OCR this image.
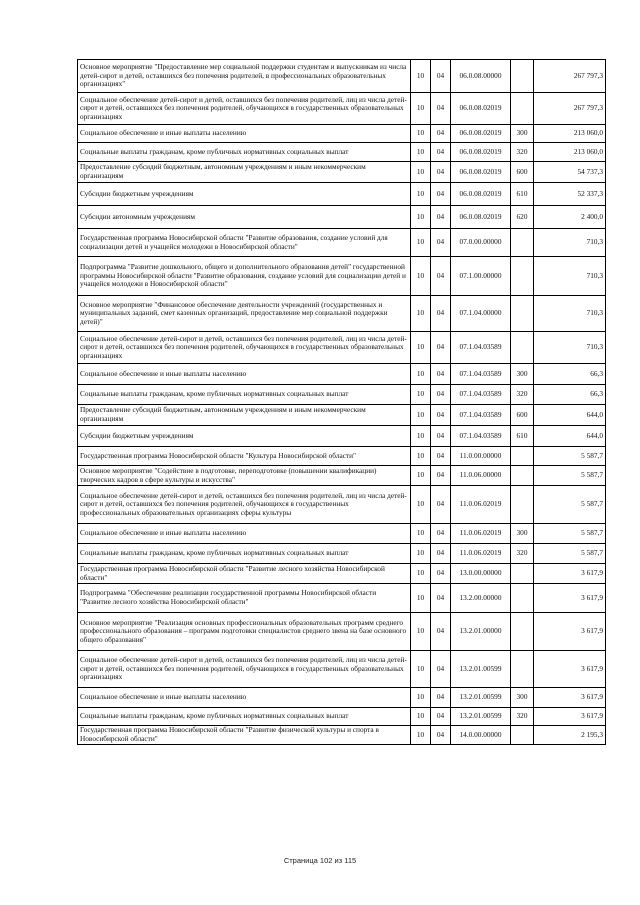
Основное мероприятие "Предоставление мер социальной поддержки студентам и выпускникам из числа детей-сирот и детей, оставшихся без попечения родителей, в профессиональных образовательных организациях"	10	04	06.0.08.00000		267 797,3
Социальное обеспечение детей-сирот и детей, оставшихся без попечения родителей, лиц из числа детей-сирот и детей, оставшихся без попечения родителей, обучающихся в государственных образовательных организациях	10	04	06.0.08.02019		267 797,3
Социальное обеспечение и иные выплаты населению	10	04	06.0.08.02019	300	213 060,0
Социальные выплаты гражданам, кроме публичных нормативных социальных выплат	10	04	06.0.08.02019	320	213 060,0
Предоставление субсидий бюджетным, автономным учреждениям и иным некоммерческим организациям	10	04	06.0.08.02019	600	54 737,3
Субсидии бюджетным учреждениям	10	04	06.0.08.02019	610	52 337,3
Субсидии автономным учреждениям	10	04	06.0.08.02019	620	2 400,0
Государственная программа Новосибирской области "Развитие образования, создание условий для социализации детей и учащейся молодежи в Новосибирской области"	10	04	07.0.00.00000		710,3
Подпрограмма "Развитие дошкольного, общего и дополнительного образования детей" государственной программы Новосибирской области "Развитие образования, создание условий для социализации детей и учащейся молодежи в Новосибирской области"	10	04	07.1.00.00000		710,3
Основное мероприятие "Финансовое обеспечение деятельности учреждений (государственных и муниципальных заданий, смет казенных организаций, предоставление мер социальной поддержки детей)"	10	04	07.1.04.00000		710,3
Социальное обеспечение детей-сирот и детей, оставшихся без попечения родителей, лиц из числа детей-сирот и детей, оставшихся без попечения родителей, обучающихся в государственных образовательных организациях	10	04	07.1.04.03589		710,3
Социальное обеспечение и иные выплаты населению	10	04	07.1.04.03589	300	66,3
Социальные выплаты гражданам, кроме публичных нормативных социальных выплат	10	04	07.1.04.03589	320	66,3
Предоставление субсидий бюджетным, автономным учреждениям и иным некоммерческим организациям	10	04	07.1.04.03589	600	644,0
Субсидии бюджетным учреждениям	10	04	07.1.04.03589	610	644,0
Государственная программа Новосибирской области "Культура Новосибирской области"	10	04	11.0.00.00000		5 587,7
Основное мероприятие "Содействие в подготовке, переподготовке (повышении квалификации) творческих кадров в сфере культуры и искусства"	10	04	11.0.06.00000		5 587,7
Социальное обеспечение детей-сирот и детей, оставшихся без попечения родителей, лиц из числа детей-сирот и детей, оставшихся без попечения родителей, обучающихся в государственных профессиональных образовательных организациях сферы культуры	10	04	11.0.06.02019		5 587,7
Социальное обеспечение и иные выплаты населению	10	04	11.0.06.02019	300	5 587,7
Социальные выплаты гражданам, кроме публичных нормативных социальных выплат	10	04	11.0.06.02019	320	5 587,7
Государственная программа Новосибирской области "Развитие лесного хозяйства Новосибирской области"	10	04	13.0.00.00000		3 617,9
Подпрограмма "Обеспечение реализации государственной программы Новосибирской области "Развитие лесного хозяйства Новосибирской области"	10	04	13.2.00.00000		3 617,9
Основное мероприятие "Реализация основных профессиональных образовательных программ среднего профессионального образования – программ подготовки специалистов среднего звена на базе основного общего образования"	10	04	13.2.01.00000		3 617,9
Социальное обеспечение детей-сирот и детей, оставшихся без попечения родителей, лиц из числа детей-сирот и детей, оставшихся без попечения родителей, обучающихся в государственных образовательных организациях	10	04	13.2.01.00599		3 617,9
Социальное обеспечение и иные выплаты населению	10	04	13.2.01.00599	300	3 617,9
Социальные выплаты гражданам, кроме публичных нормативных социальных выплат	10	04	13.2.01.00599	320	3 617,9
Государственная программа Новосибирской области "Развитие физической культуры и спорта в Новосибирской области"	10	04	14.0.00.00000		2 195,3
Страница 102 из 115
